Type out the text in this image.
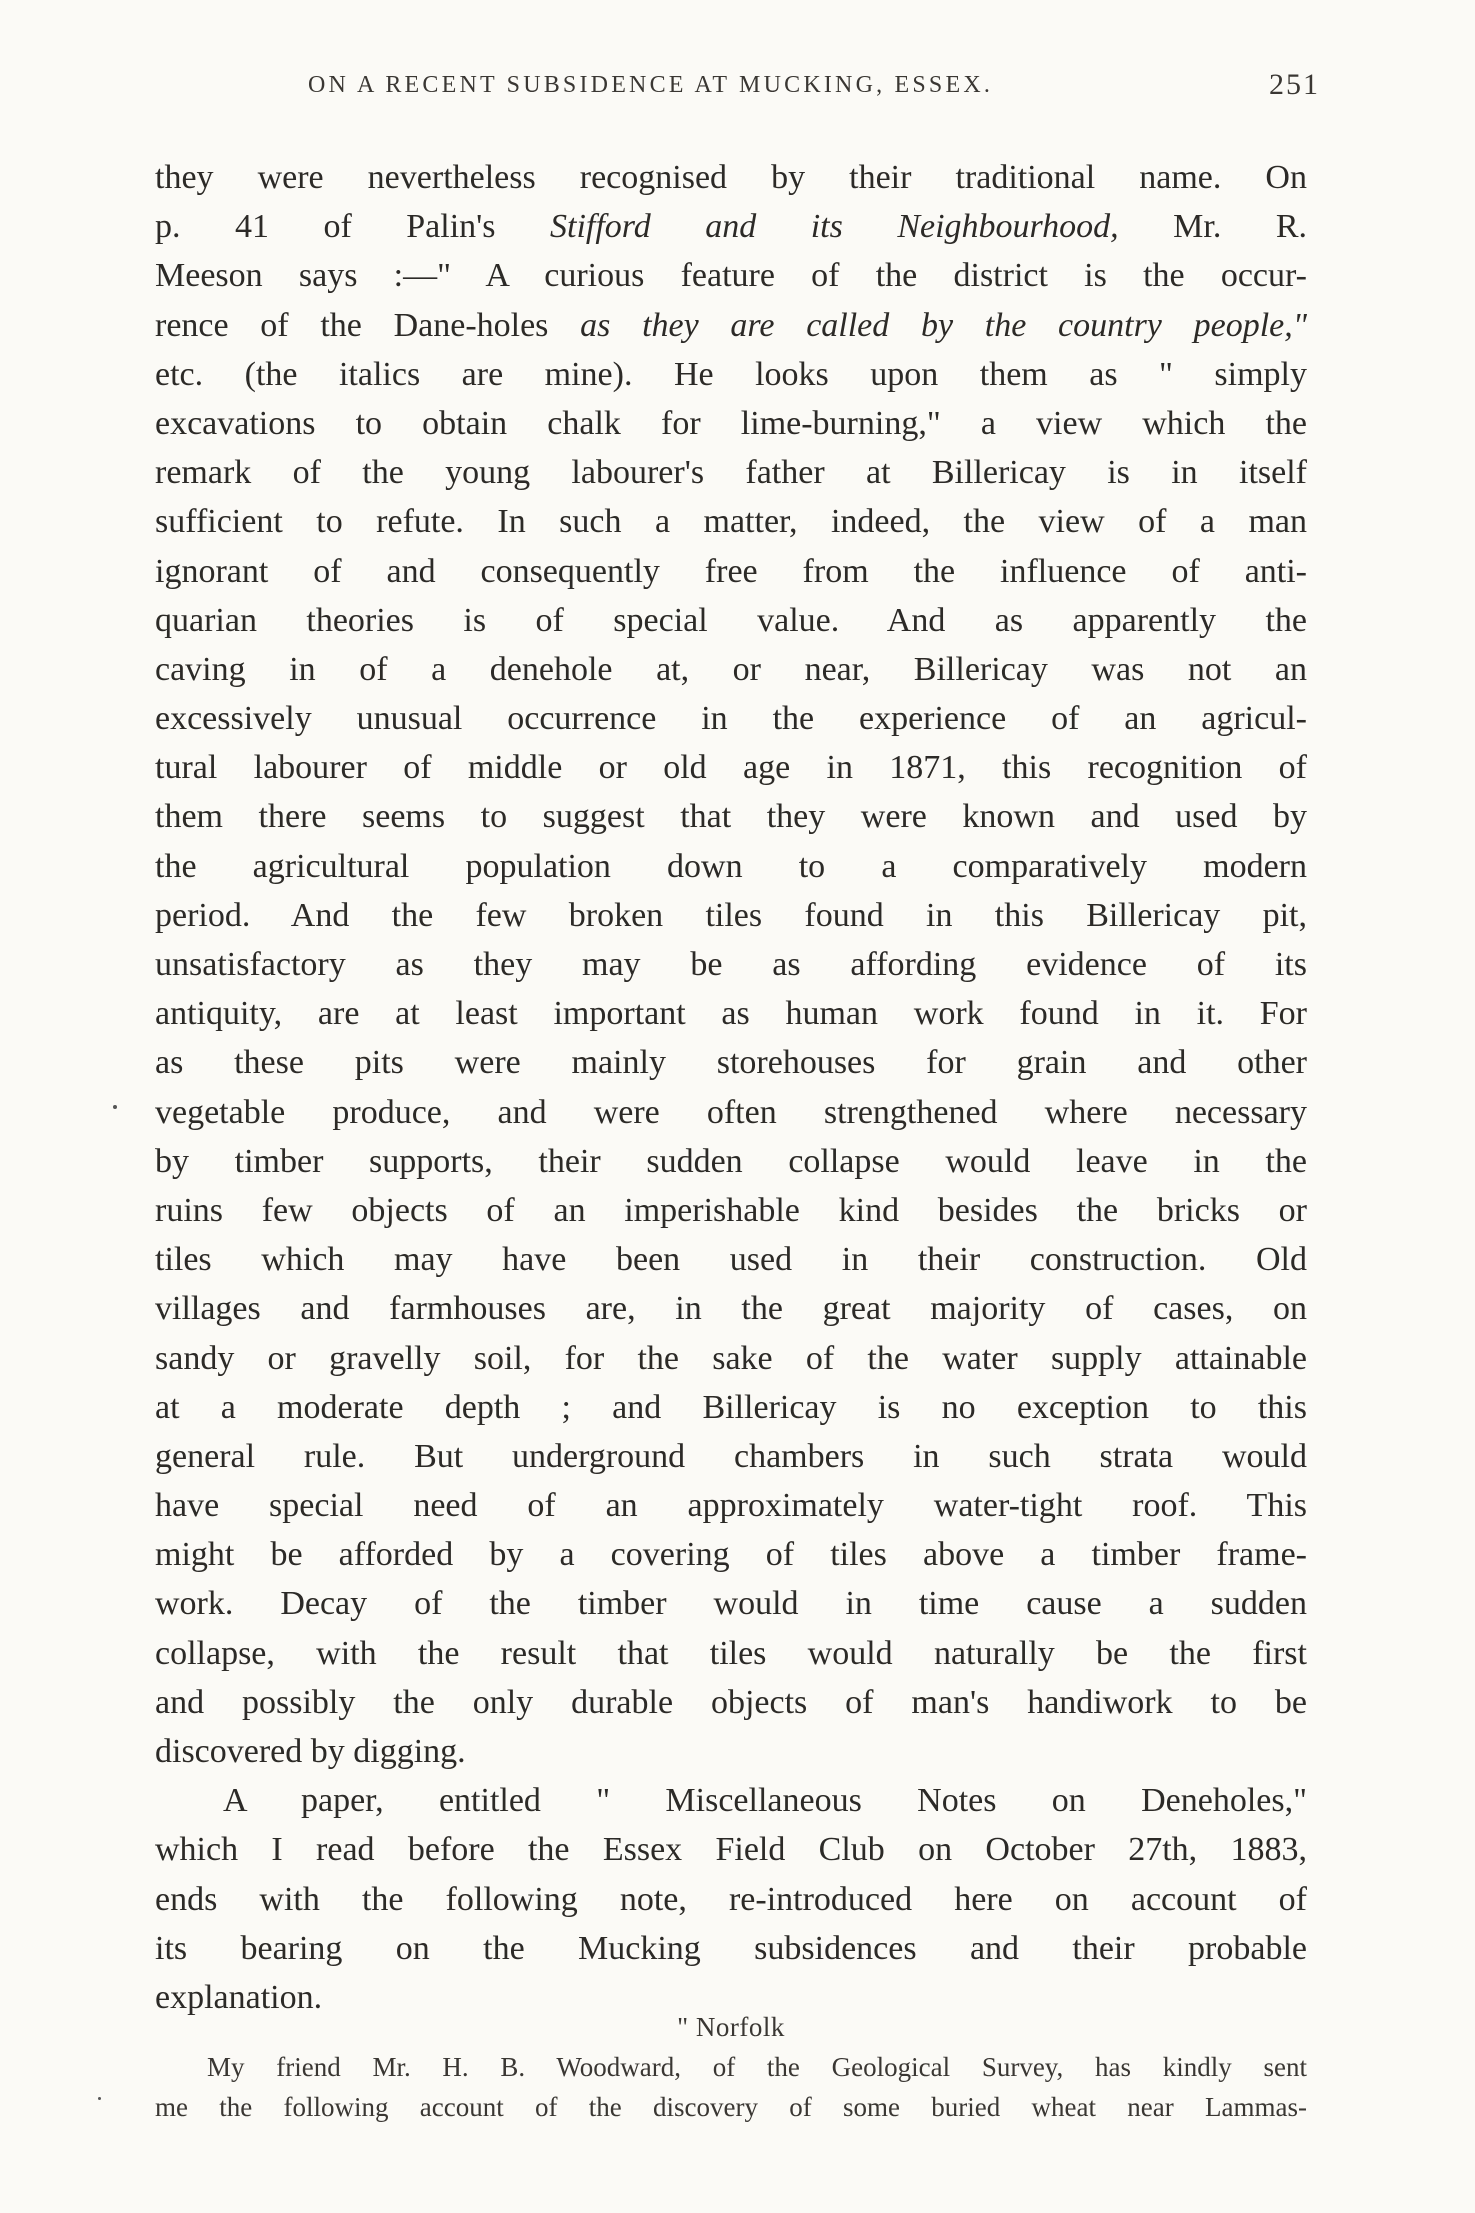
ON A RECENT SUBSIDENCE AT MUCKING, ESSEX.	251
they were nevertheless recognised by their traditional name. On
p. 41 of Palin's Stifford and its Neighbourhood, Mr. R.
Meeson says :—" A curious feature of the district is the occur-
rence of the Dane-holes as they are called by the country people,"
etc. (the italics are mine). He looks upon them as " simply
excavations to obtain chalk for lime-burning," a view which the
remark of the young labourer's father at Billericay is in itself
sufficient to refute. In such a matter, indeed, the view of a man
ignorant of and consequently free from the influence of anti-
quarian theories is of special value. And as apparently the
caving in of a denehole at, or near, Billericay was not an
excessively unusual occurrence in the experience of an agricul-
tural labourer of middle or old age in 1871, this recognition of
them there seems to suggest that they were known and used by
the agricultural population down to a comparatively modern
period. And the few broken tiles found in this Billericay pit,
unsatisfactory as they may be as affording evidence of its
antiquity, are at least important as human work found in it. For
as these pits were mainly storehouses for grain and other
vegetable produce, and were often strengthened where necessary
by timber supports, their sudden collapse would leave in the
ruins few objects of an imperishable kind besides the bricks or
tiles which may have been used in their construction. Old
villages and farmhouses are, in the great majority of cases, on
sandy or gravelly soil, for the sake of the water supply attainable
at a moderate depth ; and Billericay is no exception to this
general rule. But underground chambers in such strata would
have special need of an approximately water-tight roof. This
might be afforded by a covering of tiles above a timber frame-
work. Decay of the timber would in time cause a sudden
collapse, with the result that tiles would naturally be the first
and possibly the only durable objects of man's handiwork to be
discovered by digging.
A paper, entitled " Miscellaneous Notes on Deneholes,"
which I read before the Essex Field Club on October 27th, 1883,
ends with the following note, re-introduced here on account of
its bearing on the Mucking subsidences and their probable
explanation.
" Norfolk
My friend Mr. H. B. Woodward, of the Geological Survey, has kindly sent
me the following account of the discovery of some buried wheat near Lammas-
